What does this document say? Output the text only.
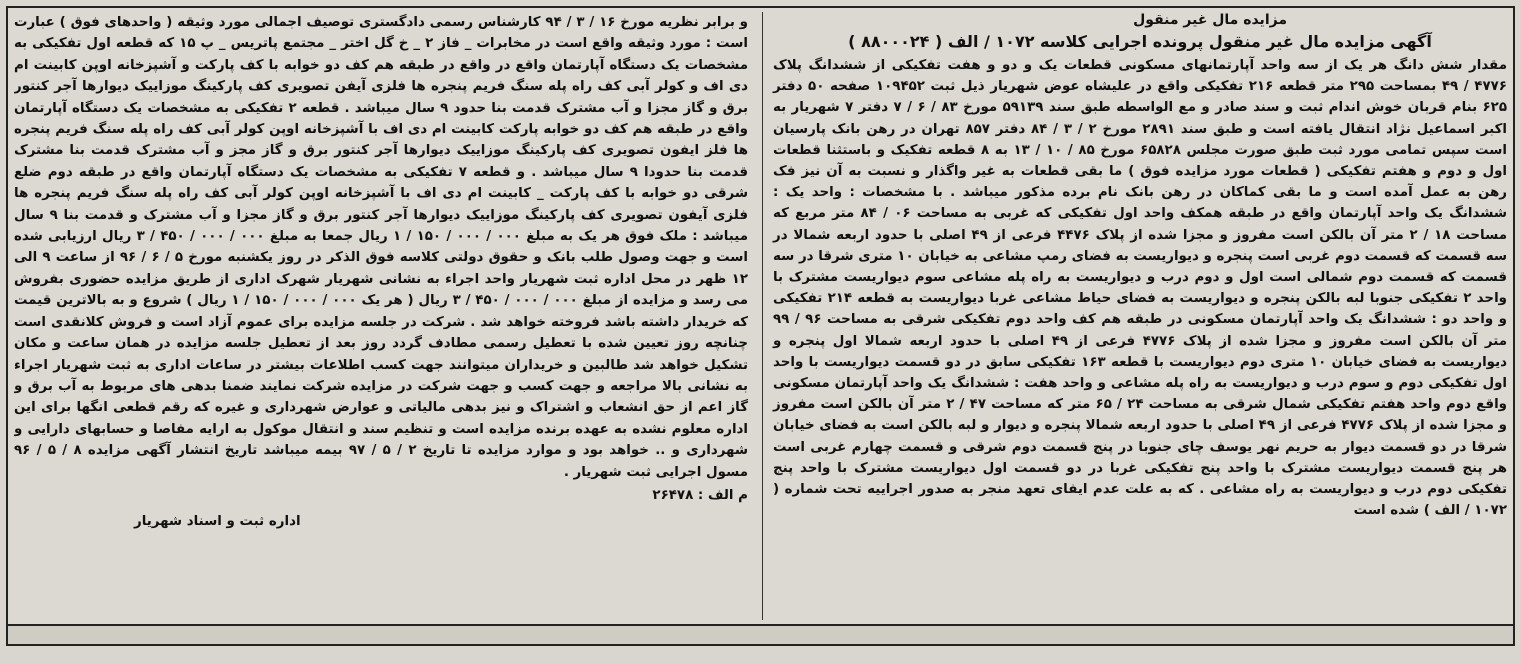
مزایده مال غیر منقول
آگهی مزایده مال غیر منقول پرونده اجرایی کلاسه ۱۰۷۲ / الف ( ۸۸۰۰۰۲۴ )

مقدار شش دانگ هر یک از سه واحد آپارتمانهای مسکونی قطعات یک و دو و هفت تفکیکی از ششدانگ پلاک ۴۷۷۶ / ۴۹ بمساحت ۲۹۵ متر قطعه ۲۱۶ تفکیکی واقع در علیشاه عوض شهریار ذیل ثبت ۱۰۹۴۵۲ صفحه ۵۰ دفتر ۶۲۵ بنام قربان خوش اندام ثبت و سند صادر و مع الواسطه طبق سند ۵۹۱۳۹ مورخ ۸۳ / ۶ / ۷ دفتر ۷ شهریار به اکبر اسماعیل نژاد انتقال یافته است و طبق سند ۲۸۹۱ مورخ ۲ / ۳ / ۸۴ دفتر ۸۵۷ تهران در رهن بانک پارسیان است سپس تمامی مورد ثبت طبق صورت مجلس ۶۵۸۲۸ مورخ ۸۵ / ۱۰ / ۱۳ به ۸ قطعه تفکیک و باستثنا قطعات اول و دوم و هفتم تفکیکی ( قطعات مورد مزایده فوق ) ما بقی قطعات به غیر واگذار و نسبت به آن نیز فک رهن به عمل آمده است و ما بقی کماکان در رهن بانک نام برده مذکور میباشد . با مشخصات : واحد یک : ششدانگ یک واحد آپارتمان واقع در طبقه همکف واحد اول تفکیکی که غربی به مساحت ۰۶ / ۸۴ متر مربع که مساحت ۱۸ / ۲ متر آن بالکن است مفروز و مجزا شده از پلاک ۴۴۷۶ فرعی از ۴۹ اصلی با حدود اربعه شمالا در سه قسمت که قسمت دوم غربی است پنجره و دیواریست به فضای رمپ مشاعی به خیابان ۱۰ متری شرقا در سه قسمت که قسمت دوم شمالی است اول و دوم درب و دیواریست به راه پله مشاعی سوم دیواریست مشترک با واحد ۲ تفکیکی جنوبا لبه بالکن پنجره و دیواریست به فضای حیاط مشاعی غربا دیواریست به قطعه ۲۱۴ تفکیکی و واحد دو : ششدانگ یک واحد آپارتمان مسکونی در طبقه هم کف واحد دوم تفکیکی شرقی به مساحت ۹۶ / ۹۹ متر آن بالکن است مفروز و مجزا شده از پلاک ۴۷۷۶ فرعی از ۴۹ اصلی با حدود اربعه شمالا اول پنجره و دیواریست به فضای خیابان ۱۰ متری دوم دیواریست با قطعه ۱۶۳ تفکیکی سابق در دو قسمت دیواریست با واحد اول تفکیکی دوم و سوم درب و دیواریست به راه پله مشاعی و واحد هفت : ششدانگ یک واحد آپارتمان مسکونی واقع دوم واحد هفتم تفکیکی شمال شرقی به مساحت ۲۴ / ۶۵ متر که مساحت ۴۷ / ۲ متر آن بالکن است مفروز و مجزا شده از پلاک ۴۷۷۶ فرعی از ۴۹ اصلی با حدود اربعه شمالا پنجره و دیوار و لبه بالکن است به فضای خیابان شرقا در دو قسمت دیوار به حریم نهر یوسف چای جنوبا در پنج قسمت دوم شرقی و قسمت چهارم غربی است هر پنج قسمت دیواریست مشترک با واحد پنج تفکیکی غربا در دو قسمت اول دیواریست مشترک با واحد پنج تفکیکی دوم درب و دیواریست به راه مشاعی . که به علت عدم ایفای تعهد منجر به صدور اجراییه تحت شماره ( ۱۰۷۲ / الف ) شده است

و برابر نظریه مورخ ۱۶ / ۳ / ۹۴ کارشناس رسمی دادگستری توصیف اجمالی مورد وثیقه ( واحدهای فوق ) عبارت است : مورد وثیقه واقع است در مخابرات _ فاز ۲ _ خ گل اختر _ مجتمع پاتریس _ پ ۱۵ که قطعه اول تفکیکی به مشخصات یک دستگاه آپارتمان واقع در واقع در طبقه هم کف دو خوابه با کف پارکت و آشپزخانه اوپن کابینت ام دی اف و کولر آبی کف راه پله سنگ فریم پنجره ها فلزی آیفن تصویری کف پارکینگ موزاییک دیوارها آجر کنتور برق و گاز مجزا و آب مشترک قدمت بنا حدود ۹ سال میباشد . قطعه ۲ تفکیکی به مشخصات یک دستگاه آپارتمان واقع در طبقه هم کف دو خوابه پارکت کابینت ام دی اف با آشپزخانه اوپن کولر آبی کف راه پله سنگ فریم پنجره ها فلز ایفون تصویری کف پارکینگ موزاییک دیوارها آجر کنتور برق و گاز مجز و آب مشترک قدمت بنا مشترک قدمت بنا حدودا ۹ سال میباشد . و قطعه ۷ تفکیکی به مشخصات یک دستگاه آپارتمان واقع در طبقه دوم ضلع شرقی دو خوابه با کف پارکت _ کابینت ام دی اف با آشپزخانه اوپن کولر آبی کف راه پله سنگ فریم پنجره ها فلزی آیفون تصویری کف پارکینگ موزاییک دیوارها آجر کنتور برق و گاز مجزا و آب مشترک و قدمت بنا ۹ سال میباشد : ملک فوق هر یک به مبلغ ۰۰۰ / ۰۰۰ / ۱۵۰ / ۱ ریال جمعا به مبلغ ۰۰۰ / ۰۰۰ / ۴۵۰ / ۳ ریال ارزیابی شده است و جهت وصول طلب بانک و حقوق دولتی کلاسه فوق الذکر در روز یکشنبه مورخ ۵ / ۶ / ۹۶ از ساعت ۹ الی ۱۲ ظهر در محل اداره ثبت شهریار واحد اجراء به نشانی شهریار شهرک اداری از طریق مزایده حضوری بفروش می رسد و مزایده از مبلغ ۰۰۰ / ۰۰۰ / ۴۵۰ / ۳ ریال ( هر یک ۰۰۰ / ۰۰۰ / ۱۵۰ / ۱ ریال ) شروع و به بالاترین قیمت که خریدار داشته باشد فروخته خواهد شد . شرکت در جلسه مزایده برای عموم آزاد است و فروش کلانقدی است چنانچه روز تعیین شده با تعطیل رسمی مطادف گردد روز بعد از تعطیل جلسه مزایده در همان ساعت و مکان تشکیل خواهد شد طالبین و خریداران میتوانند جهت کسب اطلاعات بیشتر در ساعات اداری به ثبت شهریار اجراء به نشانی بالا مراجعه و جهت کسب و جهت شرکت در مزایده شرکت نمایند ضمنا بدهی های مربوط به آب برق و گاز اعم از حق انشعاب و اشتراک و نیز بدهی مالیاتی و عوارض شهرداری و غیره که رقم قطعی انگها برای این اداره معلوم نشده به عهده برنده مزایده است و تنظیم سند و انتقال موکول به ارایه مفاصا و حسابهای دارایی و شهرداری و .. خواهد بود و موارد مزایده تا تاریخ ۲ / ۵ / ۹۷ بیمه میباشد تاریخ انتشار آگهی مزایده ۸ / ۵ / ۹۶ مسول اجرایی ثبت شهریار .

م الف : ۲۶۴۷۸
اداره ثبت و اسناد شهریار
